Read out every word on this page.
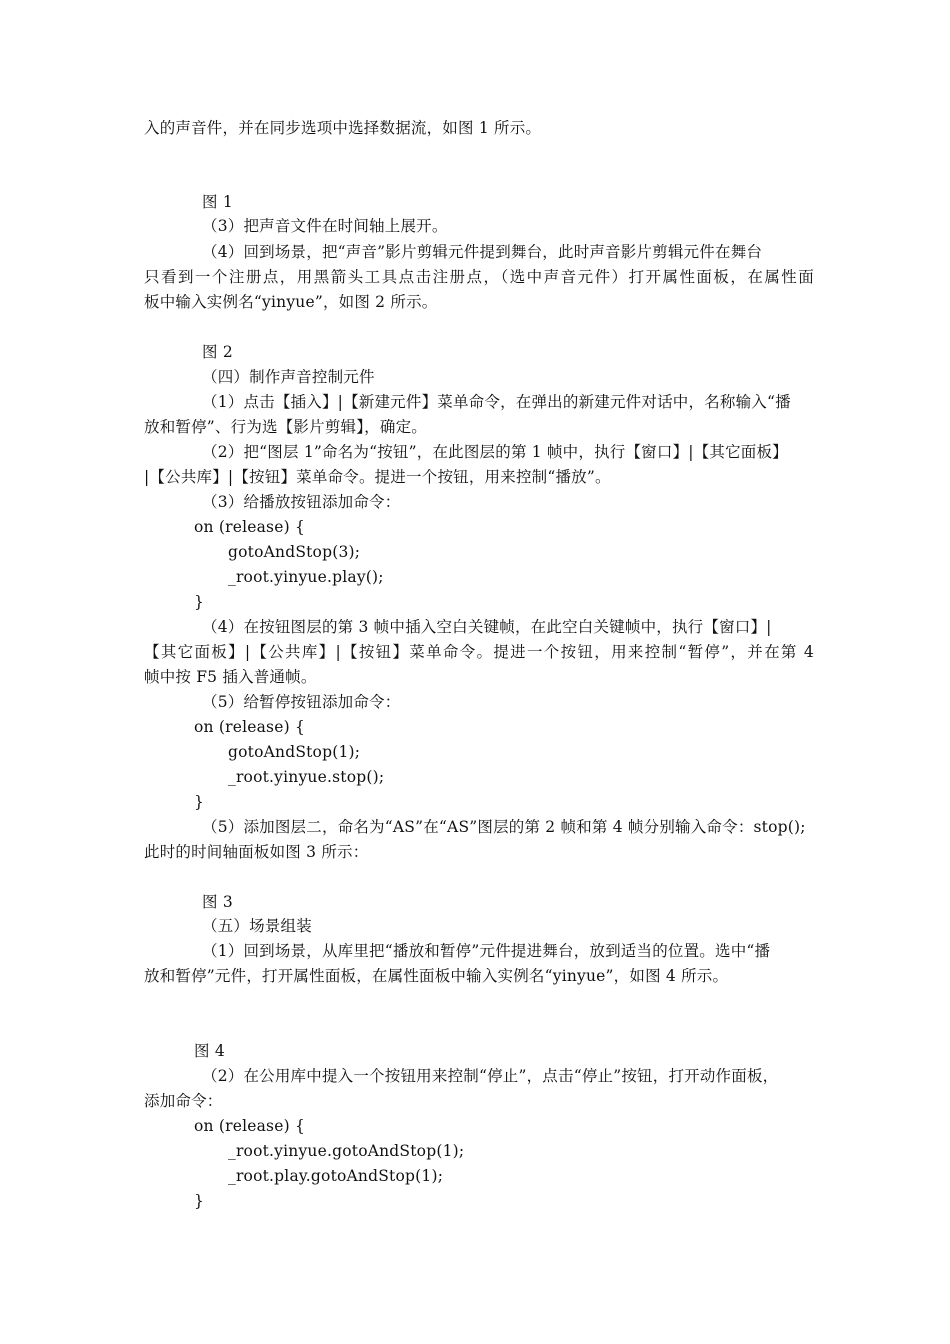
入的声音件，并在同步选项中选择数据流，如图 1 所示。
图 1
（3）把声音文件在时间轴上展开。
（4）回到场景，把“声音”影片剪辑元件提到舞台，此时声音影片剪辑元件在舞台
只看到一个注册点，用黑箭头工具点击注册点，（选中声音元件）打开属性面板，在属性面
板中输入实例名“yinyue”，如图 2 所示。
图 2
（四）制作声音控制元件
（1）点击【插入】|【新建元件】菜单命令，在弹出的新建元件对话中，名称输入“播
放和暂停”、行为选【影片剪辑】，确定。
（2）把“图层 1”命名为“按钮”，在此图层的第 1 帧中，执行【窗口】|【其它面板】
|【公共库】|【按钮】菜单命令。提进一个按钮，用来控制“播放”。
（3）给播放按钮添加命令：
on (release) {
gotoAndStop(3);
_root.yinyue.play();
}
（4）在按钮图层的第 3 帧中插入空白关键帧，在此空白关键帧中，执行【窗口】|
【其它面板】|【公共库】|【按钮】菜单命令。提进一个按钮，用来控制“暂停”，并在第 4
帧中按 F5 插入普通帧。
（5）给暂停按钮添加命令：
on (release) {
gotoAndStop(1);
_root.yinyue.stop();
}
（5）添加图层二，命名为“AS”在“AS”图层的第 2 帧和第 4 帧分别输入命令：stop();
此时的时间轴面板如图 3 所示：
图 3
（五）场景组装
（1）回到场景，从库里把“播放和暂停”元件提进舞台，放到适当的位置。选中“播
放和暂停”元件，打开属性面板，在属性面板中输入实例名“yinyue”，如图 4 所示。
图 4
（2）在公用库中提入一个按钮用来控制“停止”，点击“停止”按钮，打开动作面板，
添加命令：
on (release) {
_root.yinyue.gotoAndStop(1);
_root.play.gotoAndStop(1);
}
